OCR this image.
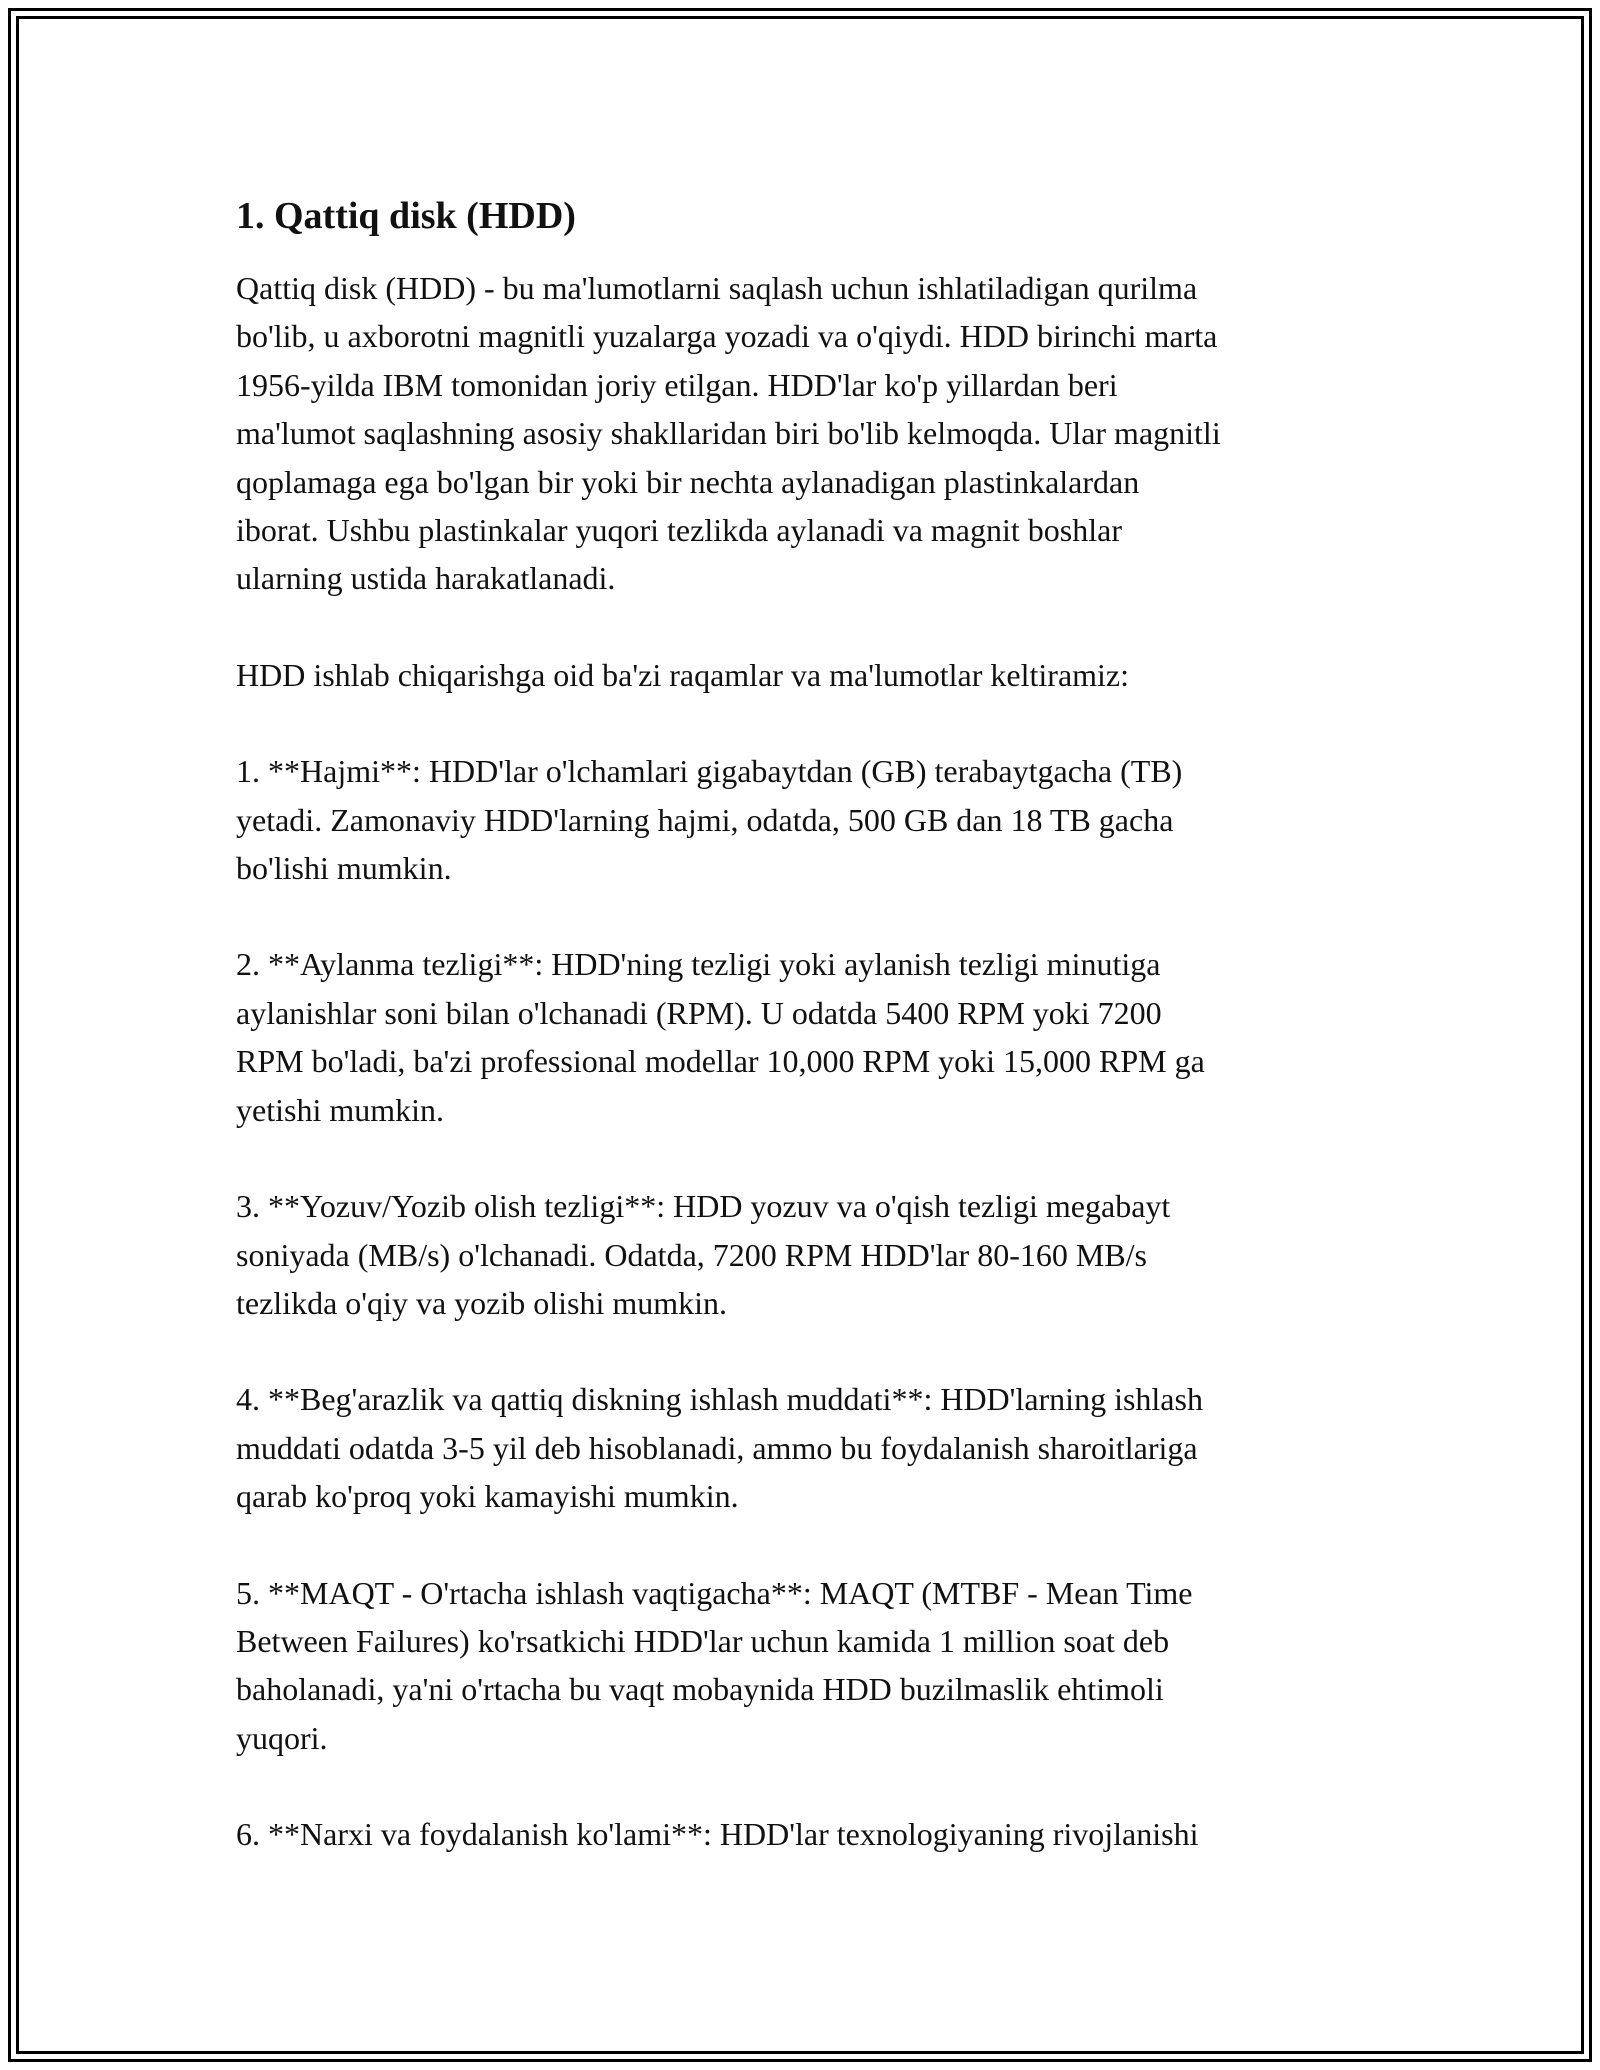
1. Qattiq disk (HDD)

Qattiq disk (HDD) - bu ma'lumotlarni saqlash uchun ishlatiladigan qurilma
bo'lib, u axborotni magnitli yuzalarga yozadi va o'qiydi. HDD birinchi marta
1956-yilda IBM tomonidan joriy etilgan. HDD'lar ko'p yillardan beri
ma'lumot saqlashning asosiy shakllaridan biri bo'lib kelmoqda. Ular magnitli
qoplamaga ega bo'lgan bir yoki bir nechta aylanadigan plastinkalardan
iborat. Ushbu plastinkalar yuqori tezlikda aylanadi va magnit boshlar
ularning ustida harakatlanadi.

HDD ishlab chiqarishga oid ba'zi raqamlar va ma'lumotlar keltiramiz:

1. **Hajmi**: HDD'lar o'lchamlari gigabaytdan (GB) terabaytgacha (TB)
yetadi. Zamonaviy HDD'larning hajmi, odatda, 500 GB dan 18 TB gacha
bo'lishi mumkin.

2. **Aylanma tezligi**: HDD'ning tezligi yoki aylanish tezligi minutiga
aylanishlar soni bilan o'lchanadi (RPM). U odatda 5400 RPM yoki 7200
RPM bo'ladi, ba'zi professional modellar 10,000 RPM yoki 15,000 RPM ga
yetishi mumkin.

3. **Yozuv/Yozib olish tezligi**: HDD yozuv va o'qish tezligi megabayt
soniyada (MB/s) o'lchanadi. Odatda, 7200 RPM HDD'lar 80-160 MB/s
tezlikda o'qiy va yozib olishi mumkin.

4. **Beg'arazlik va qattiq diskning ishlash muddati**: HDD'larning ishlash
muddati odatda 3-5 yil deb hisoblanadi, ammo bu foydalanish sharoitlariga
qarab ko'proq yoki kamayishi mumkin.

5. **MAQT - O'rtacha ishlash vaqtigacha**: MAQT (MTBF - Mean Time
Between Failures) ko'rsatkichi HDD'lar uchun kamida 1 million soat deb
baholanadi, ya'ni o'rtacha bu vaqt mobaynida HDD buzilmaslik ehtimoli
yuqori.

6. **Narxi va foydalanish ko'lami**: HDD'lar texnologiyaning rivojlanishi
